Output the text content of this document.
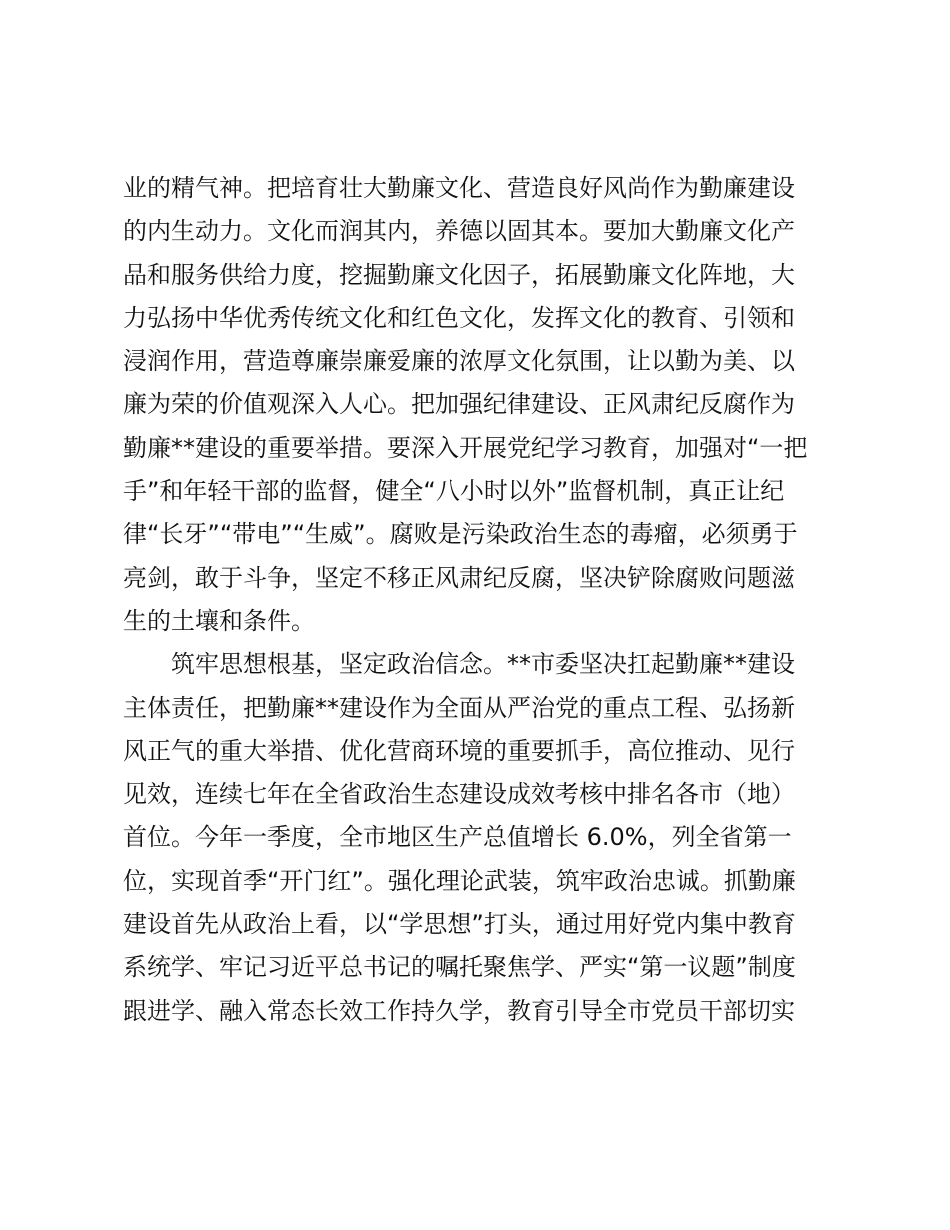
业的精气神。把培育壮大勤廉文化、营造良好风尚作为勤廉建设
的内生动力。文化而润其内，养德以固其本。要加大勤廉文化产
品和服务供给力度，挖掘勤廉文化因子，拓展勤廉文化阵地，大
力弘扬中华优秀传统文化和红色文化，发挥文化的教育、引领和
浸润作用，营造尊廉崇廉爱廉的浓厚文化氛围，让以勤为美、以
廉为荣的价值观深入人心。把加强纪律建设、正风肃纪反腐作为
勤廉**建设的重要举措。要深入开展党纪学习教育，加强对“一把
手”和年轻干部的监督，健全“八小时以外”监督机制，真正让纪
律“长牙”“带电”“生威”。腐败是污染政治生态的毒瘤，必须勇于
亮剑，敢于斗争，坚定不移正风肃纪反腐，坚决铲除腐败问题滋
生的土壤和条件。
筑牢思想根基，坚定政治信念。**市委坚决扛起勤廉**建设
主体责任，把勤廉**建设作为全面从严治党的重点工程、弘扬新
风正气的重大举措、优化营商环境的重要抓手，高位推动、见行
见效，连续七年在全省政治生态建设成效考核中排名各市（地）
首位。今年一季度，全市地区生产总值增长 6.0%，列全省第一
位，实现首季“开门红”。强化理论武装，筑牢政治忠诚。抓勤廉
建设首先从政治上看，以“学思想”打头，通过用好党内集中教育
系统学、牢记习近平总书记的嘱托聚焦学、严实“第一议题”制度
跟进学、融入常态长效工作持久学，教育引导全市党员干部切实
